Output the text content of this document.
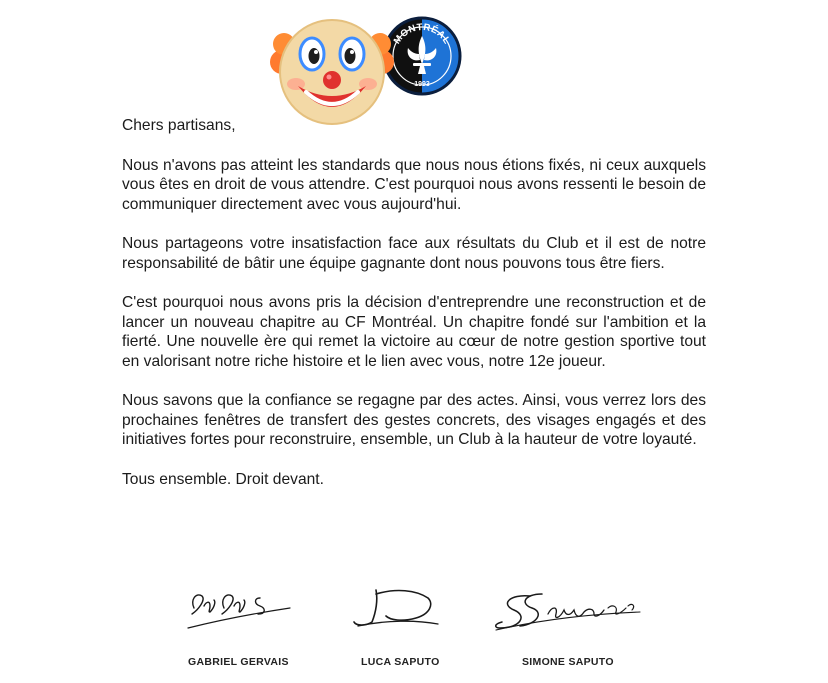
MONTRÉAL
1993

Chers partisans,

Nous n'avons pas atteint les standards que nous nous étions fixés, ni ceux auxquels vous êtes en droit de vous attendre. C'est pourquoi nous avons ressenti le besoin de communiquer directement avec vous aujourd'hui.

Nous partageons votre insatisfaction face aux résultats du Club et il est de notre responsabilité de bâtir une équipe gagnante dont nous pouvons tous être fiers.

C'est pourquoi nous avons pris la décision d'entreprendre une reconstruction et de lancer un nouveau chapitre au CF Montréal. Un chapitre fondé sur l'ambition et la fierté. Une nouvelle ère qui remet la victoire au cœur de notre gestion sportive tout en valorisant notre riche histoire et le lien avec vous, notre 12e joueur.

Nous savons que la confiance se regagne par des actes. Ainsi, vous verrez lors des prochaines fenêtres de transfert des gestes concrets, des visages engagés et des initiatives fortes pour reconstruire, ensemble, un Club à la hauteur de votre loyauté.

Tous ensemble. Droit devant.

GABRIEL GERVAIS	LUCA SAPUTO	SIMONE SAPUTO
